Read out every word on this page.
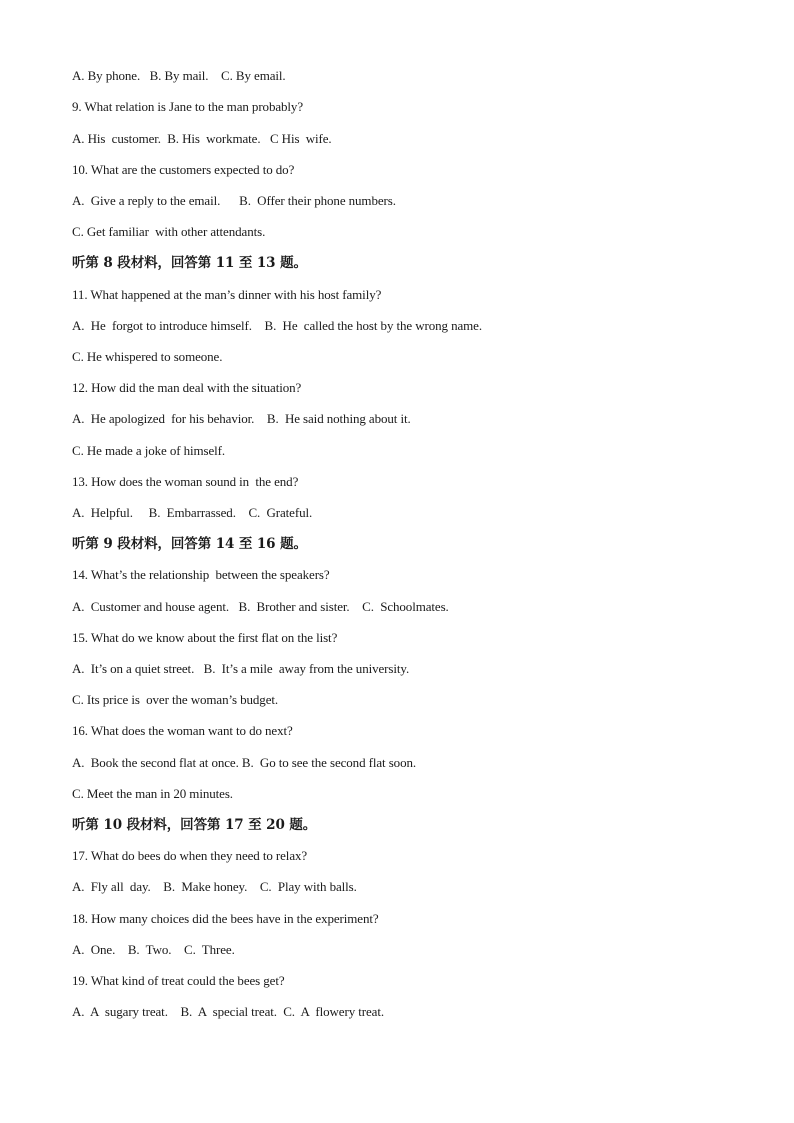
A. By phone.   B. By mail.    C. By email.
9. What relation is Jane to the man probably?
A. His  customer.  B. His  workmate.   C His  wife.
10. What are the customers expected to do?
A.  Give a reply to the email.      B.  Offer their phone numbers.
C. Get familiar  with other attendants.
听第 8 段材料，回答第 11 至 13 题。
11. What happened at the man’s dinner with his host family?
A.  He  forgot to introduce himself.    B.  He  called the host by the wrong name.
C. He whispered to someone.
12. How did the man deal with the situation?
A.  He apologized  for his behavior.    B.  He said nothing about it.
C. He made a joke of himself.
13. How does the woman sound in  the end?
A.  Helpful.     B.  Embarrassed.    C.  Grateful.
听第 9 段材料，回答第 14 至 16 题。
14. What’s the relationship  between the speakers?
A.  Customer and house agent.   B.  Brother and sister.    C.  Schoolmates.
15. What do we know about the first flat on the list?
A.  It’s on a quiet street.   B.  It’s a mile  away from the university.
C. Its price is  over the woman’s budget.
16. What does the woman want to do next?
A.  Book the second flat at once. B.  Go to see the second flat soon.
C. Meet the man in 20 minutes.
听第 10 段材料，回答第 17 至 20 题。
17. What do bees do when they need to relax?
A.  Fly all  day.    B.  Make honey.    C.  Play with balls.
18. How many choices did the bees have in the experiment?
A.  One.    B.  Two.    C.  Three.
19. What kind of treat could the bees get?
A.  A  sugary treat.    B.  A  special treat.  C.  A  flowery treat.
